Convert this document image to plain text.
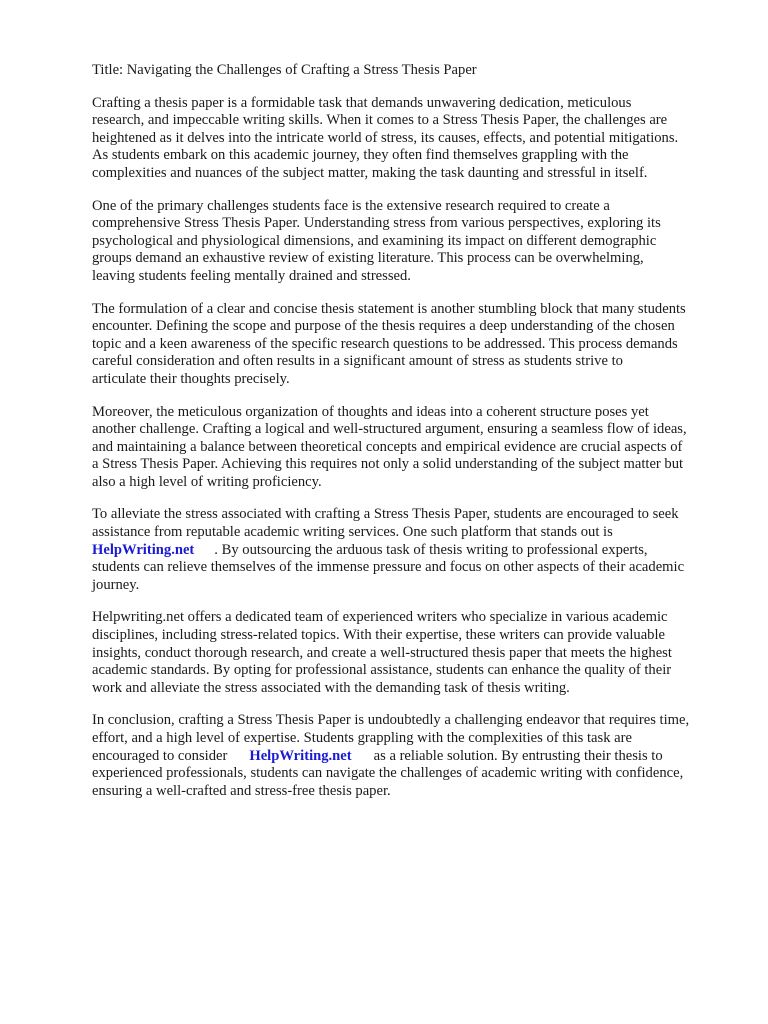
Title: Navigating the Challenges of Crafting a Stress Thesis Paper

Crafting a thesis paper is a formidable task that demands unwavering dedication, meticulous
research, and impeccable writing skills. When it comes to a Stress Thesis Paper, the challenges are
heightened as it delves into the intricate world of stress, its causes, effects, and potential mitigations.
As students embark on this academic journey, they often find themselves grappling with the
complexities and nuances of the subject matter, making the task daunting and stressful in itself.

One of the primary challenges students face is the extensive research required to create a
comprehensive Stress Thesis Paper. Understanding stress from various perspectives, exploring its
psychological and physiological dimensions, and examining its impact on different demographic
groups demand an exhaustive review of existing literature. This process can be overwhelming,
leaving students feeling mentally drained and stressed.

The formulation of a clear and concise thesis statement is another stumbling block that many students
encounter. Defining the scope and purpose of the thesis requires a deep understanding of the chosen
topic and a keen awareness of the specific research questions to be addressed. This process demands
careful consideration and often results in a significant amount of stress as students strive to
articulate their thoughts precisely.

Moreover, the meticulous organization of thoughts and ideas into a coherent structure poses yet
another challenge. Crafting a logical and well-structured argument, ensuring a seamless flow of ideas,
and maintaining a balance between theoretical concepts and empirical evidence are crucial aspects of
a Stress Thesis Paper. Achieving this requires not only a solid understanding of the subject matter but
also a high level of writing proficiency.

To alleviate the stress associated with crafting a Stress Thesis Paper, students are encouraged to seek
assistance from reputable academic writing services. One such platform that stands out is
HelpWriting.net . By outsourcing the arduous task of thesis writing to professional experts,
students can relieve themselves of the immense pressure and focus on other aspects of their academic
journey.

Helpwriting.net offers a dedicated team of experienced writers who specialize in various academic
disciplines, including stress-related topics. With their expertise, these writers can provide valuable
insights, conduct thorough research, and create a well-structured thesis paper that meets the highest
academic standards. By opting for professional assistance, students can enhance the quality of their
work and alleviate the stress associated with the demanding task of thesis writing.

In conclusion, crafting a Stress Thesis Paper is undoubtedly a challenging endeavor that requires time,
effort, and a high level of expertise. Students grappling with the complexities of this task are
encouraged to consider HelpWriting.net as a reliable solution. By entrusting their thesis to
experienced professionals, students can navigate the challenges of academic writing with confidence,
ensuring a well-crafted and stress-free thesis paper.
